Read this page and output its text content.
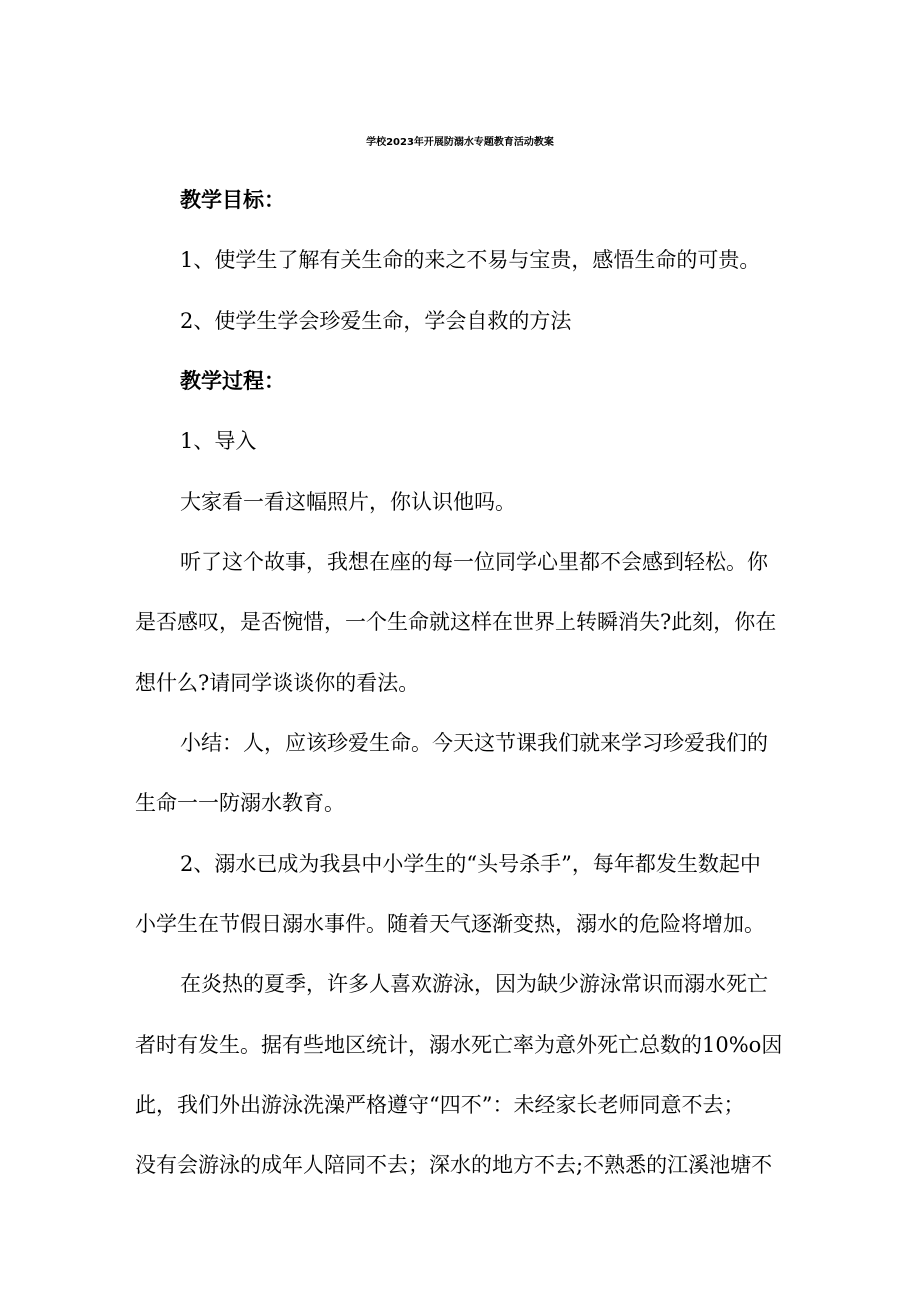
学校2023年开展防溺水专题教育活动教案
教学目标：
1、使学生了解有关生命的来之不易与宝贵，感悟生命的可贵。
2、使学生学会珍爱生命，学会自救的方法
教学过程：
1、导入
大家看一看这幅照片，你认识他吗。
听了这个故事，我想在座的每一位同学心里都不会感到轻松。你
是否感叹，是否惋惜，一个生命就这样在世界上转瞬消失?此刻，你在
想什么?请同学谈谈你的看法。
小结：人，应该珍爱生命。今天这节课我们就来学习珍爱我们的
生命一一防溺水教育。
2、溺水已成为我县中小学生的“头号杀手”，每年都发生数起中
小学生在节假日溺水事件。随着天气逐渐变热，溺水的危险将增加。
在炎热的夏季，许多人喜欢游泳，因为缺少游泳常识而溺水死亡
者时有发生。据有些地区统计，溺水死亡率为意外死亡总数的10%o因
此，我们外出游泳洗澡严格遵守“四不”：未经家长老师同意不去；
没有会游泳的成年人陪同不去；深水的地方不去;不熟悉的江溪池塘不
